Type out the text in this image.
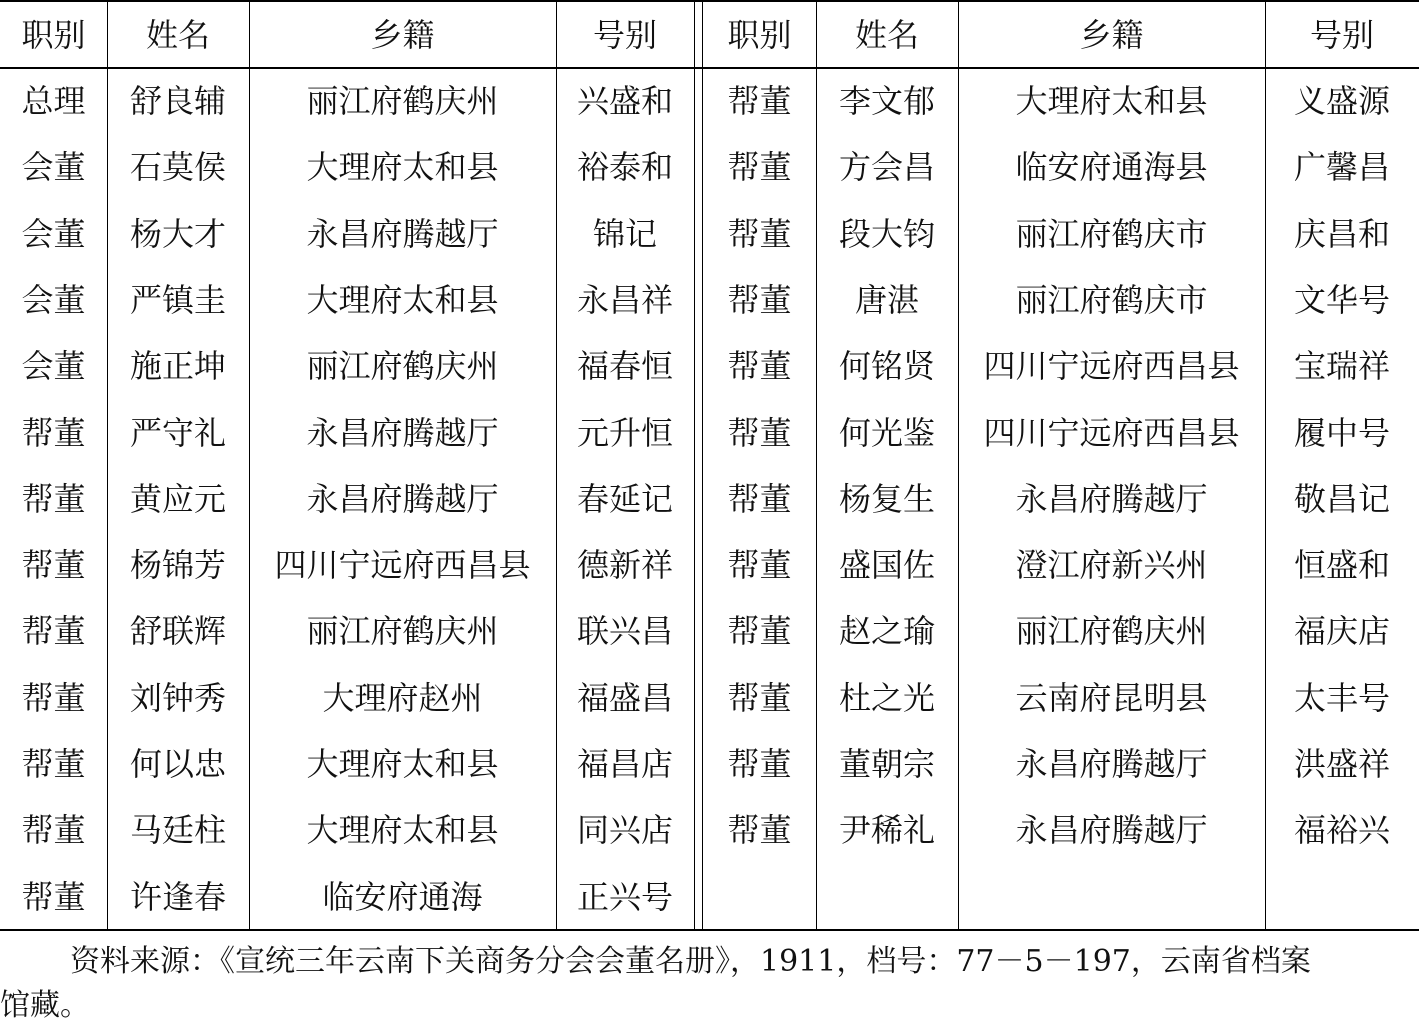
职别	姓名	乡籍	号别	职别	姓名	乡籍	号别
总理	舒良辅	丽江府鹤庆州	兴盛和
会董	石莫侯	大理府太和县	裕泰和
会董	杨大才	永昌府腾越厅	锦记
会董	严镇圭	大理府太和县	永昌祥
会董	施正坤	丽江府鹤庆州	福春恒
帮董	严守礼	永昌府腾越厅	元升恒
帮董	黄应元	永昌府腾越厅	春延记
帮董	杨锦芳	四川宁远府西昌县	德新祥
帮董	舒联辉	丽江府鹤庆州	联兴昌
帮董	刘钟秀	大理府赵州	福盛昌
帮董	何以忠	大理府太和县	福昌店
帮董	马廷柱	大理府太和县	同兴店
帮董	许逢春	临安府通海	正兴号
帮董	李文郁	大理府太和县	义盛源
帮董	方会昌	临安府通海县	广馨昌
帮董	段大钧	丽江府鹤庆市	庆昌和
帮董	唐湛	丽江府鹤庆市	文华号
帮董	何铭贤	四川宁远府西昌县	宝瑞祥
帮董	何光鉴	四川宁远府西昌县	履中号
帮董	杨复生	永昌府腾越厅	敬昌记
帮董	盛国佐	澄江府新兴州	恒盛和
帮董	赵之瑜	丽江府鹤庆州	福庆店
帮董	杜之光	云南府昆明县	太丰号
帮董	董朝宗	永昌府腾越厅	洪盛祥
帮董	尹稀礼	永昌府腾越厅	福裕兴
资料来源：《宣统三年云南下关商务分会会董名册》，1911，档号：77－5－197，云南省档案
馆藏。
